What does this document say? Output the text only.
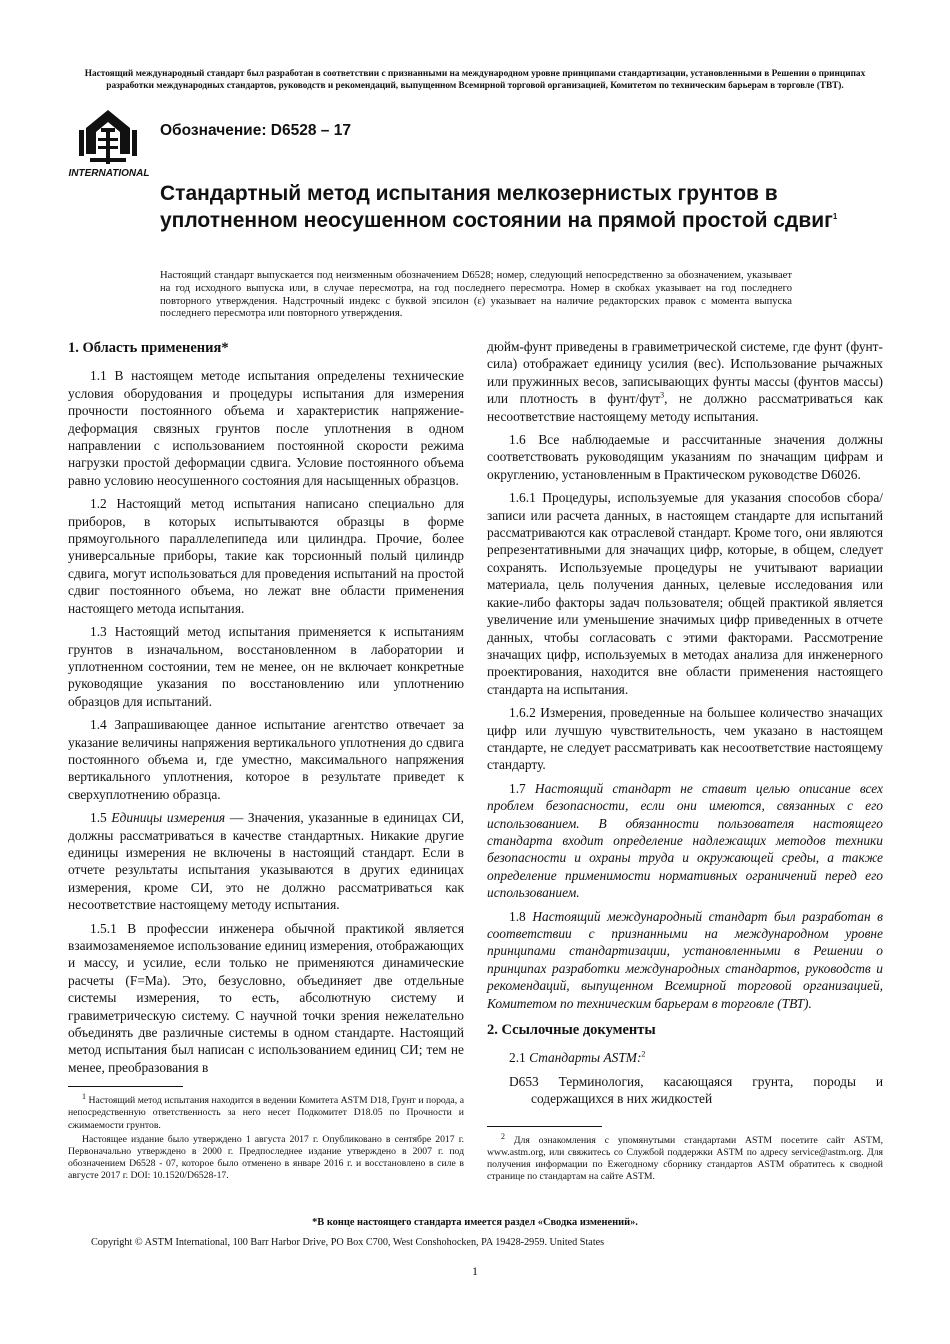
Настоящий международный стандарт был разработан в соответствии с признанными на международном уровне принципами стандартизации, установленными в Решении о принципах разработки международных стандартов, руководств и рекомендаций, выпущенном Всемирной торговой организацией, Комитетом по техническим барьерам в торговле (ТВТ).
INTERNATIONAL
Обозначение: D6528 – 17
Стандартный метод испытания мелкозернистых грунтов в уплотненном неосушенном состоянии на прямой простой сдвиг$^1$
Настоящий стандарт выпускается под неизменным обозначением D6528; номер, следующий непосредственно за обозначением, указывает на год исходного выпуска или, в случае пересмотра, на год последнего пересмотра. Номер в скобках указывает на год последнего повторного утверждения. Надстрочный индекс с буквой эпсилон (ε) указывает на наличие редакторских правок с момента выпуска последнего пересмотра или повторного утверждения.
1. Область применения*

1.1 В настоящем методе испытания определены технические условия оборудования и процедуры испытания для измерения прочности постоянного объема и характеристик напряжение-деформация связных грунтов после уплотнения в одном направлении с использованием постоянной скорости режима нагрузки простой деформации сдвига. Условие постоянного объема равно условию неосушенного состояния для насыщенных образцов.

1.2 Настоящий метод испытания написано специально для приборов, в которых испытываются образцы в форме прямоугольного параллелепипеда или цилиндра. Прочие, более универсальные приборы, такие как торсионный полый цилиндр сдвига, могут использоваться для проведения испытаний на простой сдвиг постоянного объема, но лежат вне области применения настоящего метода испытания.

1.3 Настоящий метод испытания применяется к испытаниям грунтов в изначальном, восстановленном в лаборатории и уплотненном состоянии, тем не менее, он не включает конкретные руководящие указания по восстановлению или уплотнению образцов для испытаний.

1.4 Запрашивающее данное испытание агентство отвечает за указание величины напряжения вертикального уплотнения до сдвига постоянного объема и, где уместно, максимального напряжения вертикального уплотнения, которое в результате приведет к сверхуплотнению образца.

1.5 Единицы измерения — Значения, указанные в единицах СИ, должны рассматриваться в качестве стандартных. Никакие другие единицы измерения не включены в настоящий стандарт. Если в отчете результаты испытания указываются в других единицах измерения, кроме СИ, это не должно рассматриваться как несоответствие настоящему методу испытания.

1.5.1 В профессии инженера обычной практикой является взаимозаменяемое использование единиц измерения, отображающих и массу, и усилие, если только не применяются динамические расчеты (F=Ma). Это, безусловно, объединяет две отдельные системы измерения, то есть, абсолютную систему и гравиметрическую систему. С научной точки зрения нежелательно объединять две различные системы в одном стандарте. Настоящий метод испытания был написан с использованием единиц СИ; тем не менее, преобразования в

$^1$ Настоящий метод испытания находится в ведении Комитета ASTM D18, Грунт и порода, а непосредственную ответственность за него несет Подкомитет D18.05 по Прочности и сжимаемости грунтов.

Настоящее издание было утверждено 1 августа 2017 г. Опубликовано в сентябре 2017 г. Первоначально утверждено в 2000 г. Предпоследнее издание утверждено в 2007 г. под обозначением D6528 - 07, которое было отменено в январе 2016 г. и восстановлено в силе в августе 2017 г. DOI: 10.1520/D6528-17.

дюйм-фунт приведены в гравиметрической системе, где фунт (фунт-сила) отображает единицу усилия (вес). Использование рычажных или пружинных весов, записывающих фунты массы (фунтов массы) или плотность в фунт/фут$^3$, не должно рассматриваться как несоответствие настоящему методу испытания.

1.6 Все наблюдаемые и рассчитанные значения должны соответствовать руководящим указаниям по значащим цифрам и округлению, установленным в Практическом руководстве D6026.

1.6.1 Процедуры, используемые для указания способов сбора/записи или расчета данных, в настоящем стандарте для испытаний рассматриваются как отраслевой стандарт. Кроме того, они являются репрезентативными для значащих цифр, которые, в общем, следует сохранять. Используемые процедуры не учитывают вариации материала, цель получения данных, целевые исследования или какие-либо факторы задач пользователя; общей практикой является увеличение или уменьшение значимых цифр приведенных в отчете данных, чтобы согласовать с этими факторами. Рассмотрение значащих цифр, используемых в методах анализа для инженерного проектирования, находится вне области применения настоящего стандарта на испытания.

1.6.2 Измерения, проведенные на большее количество значащих цифр или лучшую чувствительность, чем указано в настоящем стандарте, не следует рассматривать как несоответствие настоящему стандарту.

1.7 Настоящий стандарт не ставит целью описание всех проблем безопасности, если они имеются, связанных с его использованием. В обязанности пользователя настоящего стандарта входит определение надлежащих методов техники безопасности и охраны труда и окружающей среды, а также определение применимости нормативных ограничений перед его использованием.

1.8 Настоящий международный стандарт был разработан в соответствии с признанными на международном уровне принципами стандартизации, установленными в Решении о принципах разработки международных стандартов, руководств и рекомендаций, выпущенном Всемирной торговой организацией, Комитетом по техническим барьерам в торговле (ТВТ).

2. Ссылочные документы

2.1 Стандарты ASTM:$^2$

D653 Терминология, касающаяся грунта, породы и содержащихся в них жидкостей

$^2$ Для ознакомления с упомянутыми стандартами ASTM посетите сайт ASTM, www.astm.org, или свяжитесь со Службой поддержки ASTM по адресу service@astm.org. Для получения информации по Ежегодному сборнику стандартов ASTM обратитесь к сводной странице по стандартам на сайте ASTM.

*В конце настоящего стандарта имеется раздел «Сводка изменений».
Copyright © ASTM International, 100 Barr Harbor Drive, PO Box C700, West Conshohocken, PA 19428-2959. United States
1
